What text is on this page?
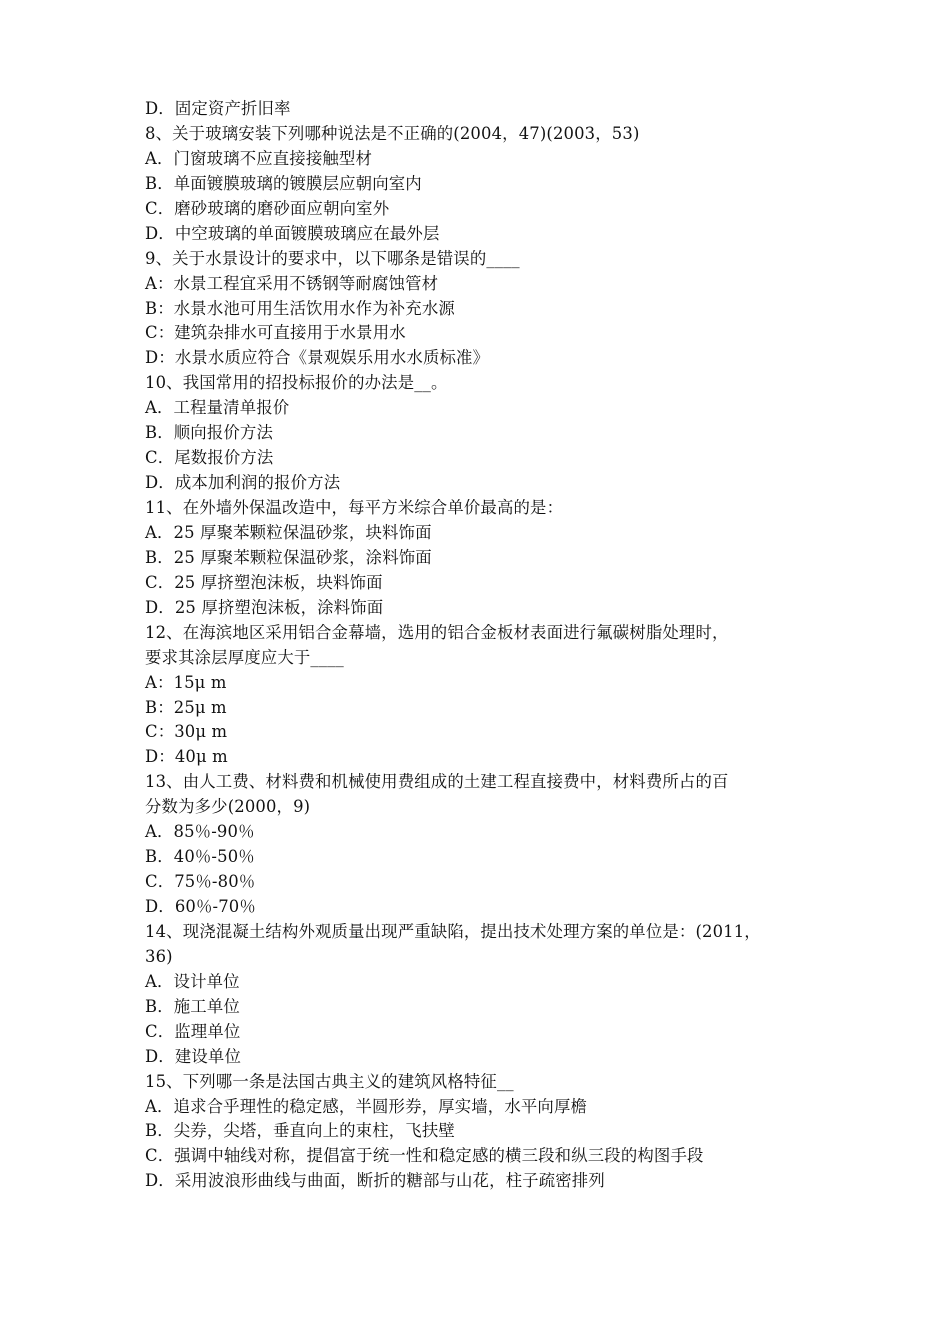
D．固定资产折旧率
8、关于玻璃安装下列哪种说法是不正确的(2004，47)(2003，53)
A．门窗玻璃不应直接接触型材
B．单面镀膜玻璃的镀膜层应朝向室内
C．磨砂玻璃的磨砂面应朝向室外
D．中空玻璃的单面镀膜玻璃应在最外层
9、关于水景设计的要求中，以下哪条是错误的____
A：水景工程宜采用不锈钢等耐腐蚀管材
B：水景水池可用生活饮用水作为补充水源
C：建筑杂排水可直接用于水景用水
D：水景水质应符合《景观娱乐用水水质标准》
10、我国常用的招投标报价的办法是__。
A．工程量清单报价
B．顺向报价方法
C．尾数报价方法
D．成本加利润的报价方法
11、在外墙外保温改造中，每平方米综合单价最高的是：
A．25 厚聚苯颗粒保温砂浆，块料饰面
B．25 厚聚苯颗粒保温砂浆，涂料饰面
C．25 厚挤塑泡沫板，块料饰面
D．25 厚挤塑泡沫板，涂料饰面
12、在海滨地区采用铝合金幕墙，选用的铝合金板材表面进行氟碳树脂处理时，
要求其涂层厚度应大于____
A：15μ m
B：25μ m
C：30μ m
D：40μ m
13、由人工费、材料费和机械使用费组成的土建工程直接费中，材料费所占的百
分数为多少(2000，9)
A．85％-90％
B．40％-50％
C．75％-80％
D．60％-70％
14、现浇混凝土结构外观质量出现严重缺陷，提出技术处理方案的单位是：(2011，
36)
A．设计单位
B．施工单位
C．监理单位
D．建设单位
15、下列哪一条是法国古典主义的建筑风格特征__
A．追求合乎理性的稳定感，半圆形券，厚实墙，水平向厚檐
B．尖券，尖塔，垂直向上的束柱，飞扶壁
C．强调中轴线对称，提倡富于统一性和稳定感的横三段和纵三段的构图手段
D．采用波浪形曲线与曲面，断折的糖部与山花，柱子疏密排列
